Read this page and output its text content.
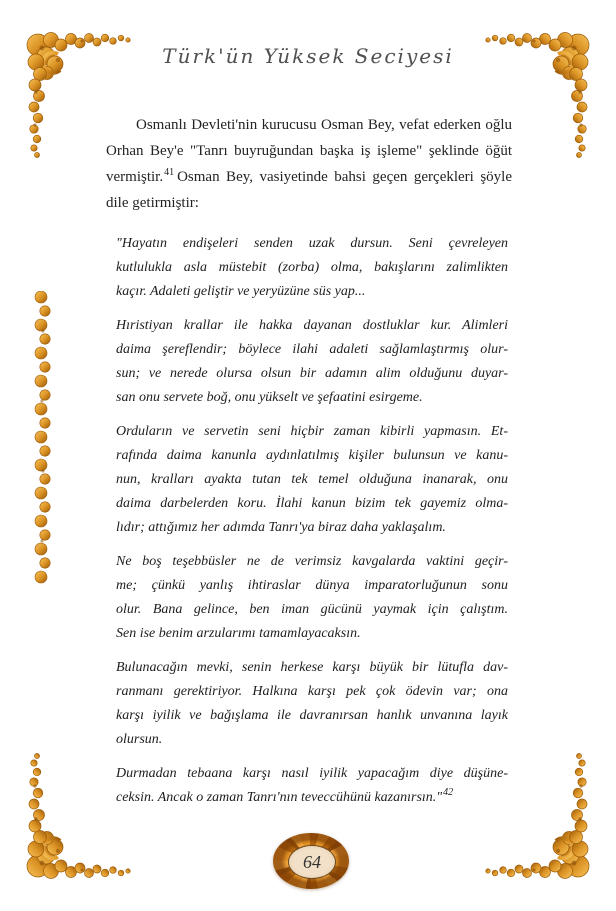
Türk'ün Yüksek Seciyesi

Osmanlı Devleti'nin kurucusu Osman Bey, vefat ederken oğlu Orhan Bey'e "Tanrı buyruğundan başka iş işleme" şeklinde öğüt vermiştir.$^{41}$ Osman Bey, vasiyetinde bahsi geçen gerçekleri şöyle dile getirmiştir:

"Hayatın endişeleri senden uzak dursun. Seni çevreleyen
kutlulukla asla müstebit (zorba) olma, bakışlarını zalimlikten
kaçır. Adaleti geliştir ve yeryüzüne süs yap...
Hıristiyan krallar ile hakka dayanan dostluklar kur. Alimleri
daima şereflendir; böylece ilahi adaleti sağlamlaştırmış olur-
sun; ve nerede olursa olsun bir adamın alim olduğunu duyar-
san onu servete boğ, onu yükselt ve şefaatini esirgeme.
Orduların ve servetin seni hiçbir zaman kibirli yapmasın. Et-
rafında daima kanunla aydınlatılmış kişiler bulunsun ve kanu-
nun, kralları ayakta tutan tek temel olduğuna inanarak, onu
daima darbelerden koru. İlahi kanun bizim tek gayemiz olma-
lıdır; attığımız her adımda Tanrı'ya biraz daha yaklaşalım.
Ne boş teşebbüsler ne de verimsiz kavgalarda vaktini geçir-
me; çünkü yanlış ihtiraslar dünya imparatorluğunun sonu
olur. Bana gelince, ben iman gücünü yaymak için çalıştım.
Sen ise benim arzularımı tamamlayacaksın.
Bulunacağın mevki, senin herkese karşı büyük bir lütufla dav-
ranmanı gerektiriyor. Halkına karşı pek çok ödevin var; ona
karşı iyilik ve bağışlama ile davranırsan hanlık unvanına layık
olursun.
Durmadan tebaana karşı nasıl iyilik yapacağım diye düşüne-
ceksin. Ancak o zaman Tanrı'nın teveccühünü kazanırsın."$^{42}$
64
